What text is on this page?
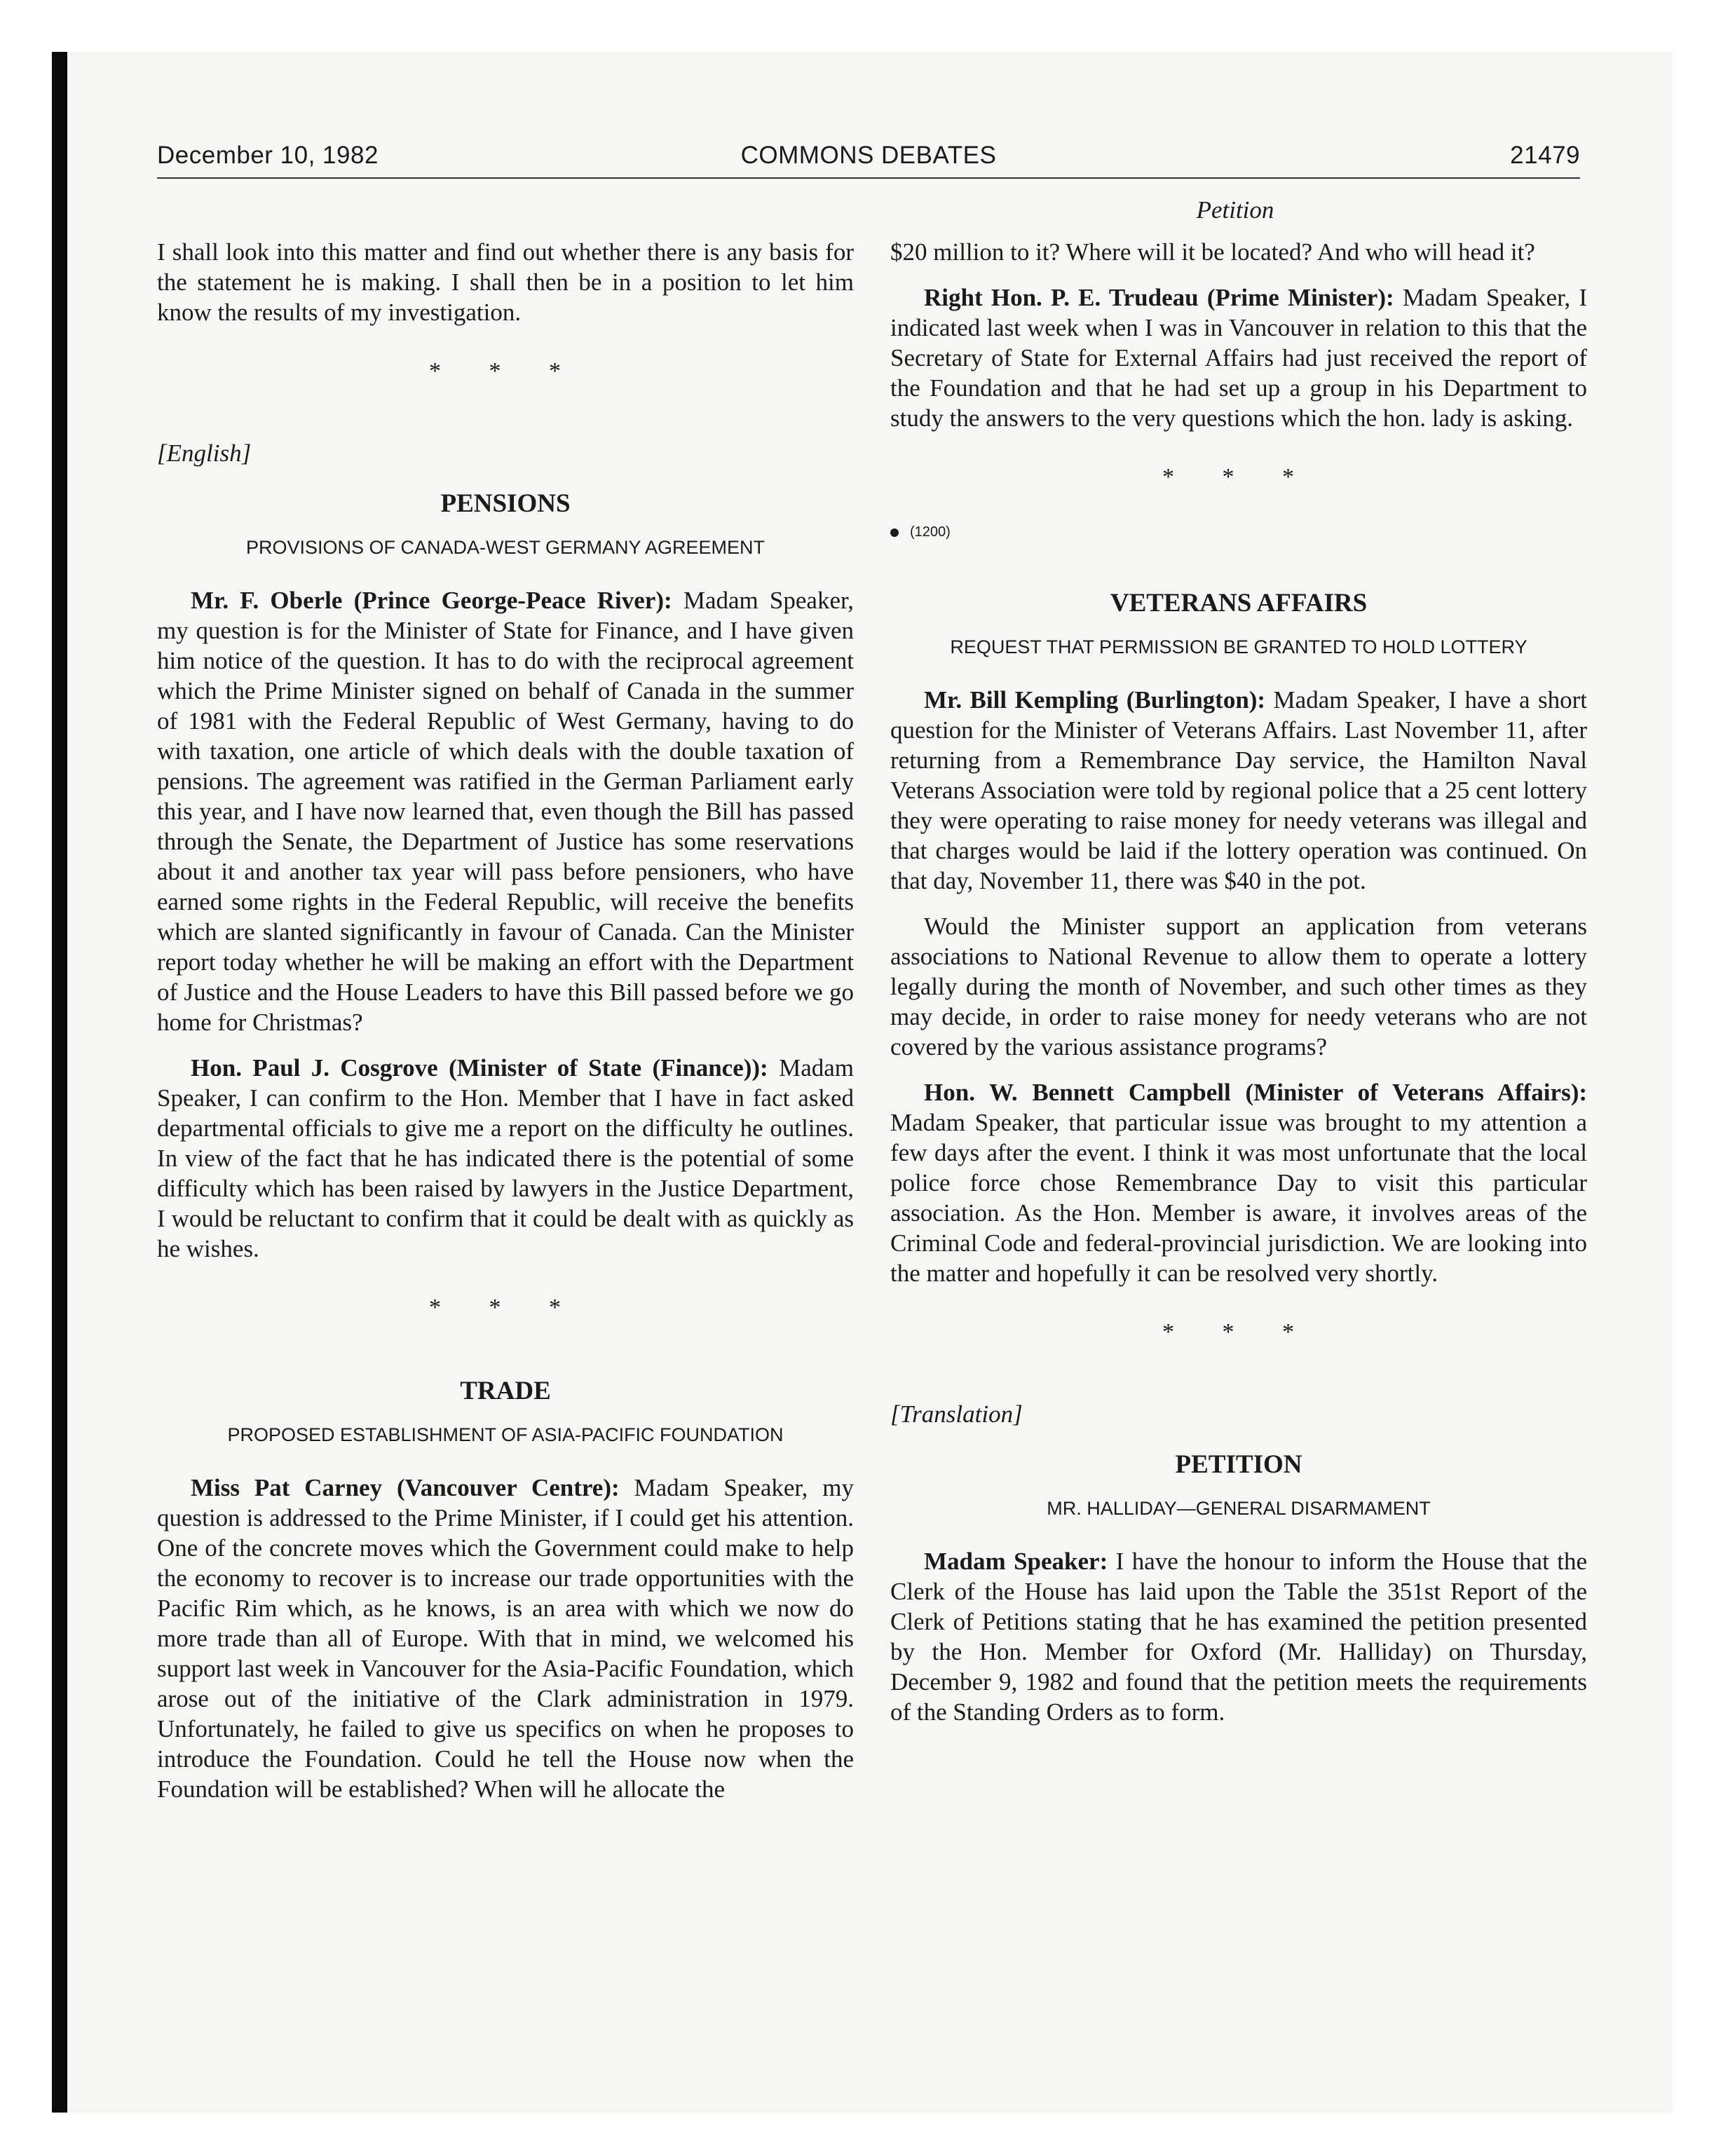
December 10, 1982	COMMONS DEBATES	21479
Petition

I shall look into this matter and find out whether there is any basis for the statement he is making. I shall then be in a position to let him know the results of my investigation.

* * *
[English]
PENSIONS
PROVISIONS OF CANADA-WEST GERMANY AGREEMENT

Mr. F. Oberle (Prince George-Peace River): Madam Speaker, my question is for the Minister of State for Finance, and I have given him notice of the question. It has to do with the reciprocal agreement which the Prime Minister signed on behalf of Canada in the summer of 1981 with the Federal Republic of West Germany, having to do with taxation, one article of which deals with the double taxation of pensions. The agreement was ratified in the German Parliament early this year, and I have now learned that, even though the Bill has passed through the Senate, the Department of Justice has some reservations about it and another tax year will pass before pensioners, who have earned some rights in the Federal Republic, will receive the benefits which are slanted significantly in favour of Canada. Can the Minister report today whether he will be making an effort with the Department of Justice and the House Leaders to have this Bill passed before we go home for Christmas?

Hon. Paul J. Cosgrove (Minister of State (Finance)): Madam Speaker, I can confirm to the Hon. Member that I have in fact asked departmental officials to give me a report on the difficulty he outlines. In view of the fact that he has indicated there is the potential of some difficulty which has been raised by lawyers in the Justice Department, I would be reluctant to confirm that it could be dealt with as quickly as he wishes.

* * *
TRADE
PROPOSED ESTABLISHMENT OF ASIA-PACIFIC FOUNDATION

Miss Pat Carney (Vancouver Centre): Madam Speaker, my question is addressed to the Prime Minister, if I could get his attention. One of the concrete moves which the Government could make to help the economy to recover is to increase our trade opportunities with the Pacific Rim which, as he knows, is an area with which we now do more trade than all of Europe. With that in mind, we welcomed his support last week in Vancouver for the Asia-Pacific Foundation, which arose out of the initiative of the Clark administration in 1979. Unfortunately, he failed to give us specifics on when he proposes to introduce the Foundation. Could he tell the House now when the Foundation will be established? When will he allocate the

$20 million to it? Where will it be located? And who will head it?

Right Hon. P. E. Trudeau (Prime Minister): Madam Speaker, I indicated last week when I was in Vancouver in relation to this that the Secretary of State for External Affairs had just received the report of the Foundation and that he had set up a group in his Department to study the answers to the very questions which the hon. lady is asking.

* * *
(1200)
VETERANS AFFAIRS
REQUEST THAT PERMISSION BE GRANTED TO HOLD LOTTERY

Mr. Bill Kempling (Burlington): Madam Speaker, I have a short question for the Minister of Veterans Affairs. Last November 11, after returning from a Remembrance Day service, the Hamilton Naval Veterans Association were told by regional police that a 25 cent lottery they were operating to raise money for needy veterans was illegal and that charges would be laid if the lottery operation was continued. On that day, November 11, there was $40 in the pot.

Would the Minister support an application from veterans associations to National Revenue to allow them to operate a lottery legally during the month of November, and such other times as they may decide, in order to raise money for needy veterans who are not covered by the various assistance programs?

Hon. W. Bennett Campbell (Minister of Veterans Affairs): Madam Speaker, that particular issue was brought to my attention a few days after the event. I think it was most unfortunate that the local police force chose Remembrance Day to visit this particular association. As the Hon. Member is aware, it involves areas of the Criminal Code and federal-provincial jurisdiction. We are looking into the matter and hopefully it can be resolved very shortly.

* * *
[Translation]
PETITION
MR. HALLIDAY—GENERAL DISARMAMENT

Madam Speaker: I have the honour to inform the House that the Clerk of the House has laid upon the Table the 351st Report of the Clerk of Petitions stating that he has examined the petition presented by the Hon. Member for Oxford (Mr. Halliday) on Thursday, December 9, 1982 and found that the petition meets the requirements of the Standing Orders as to form.
